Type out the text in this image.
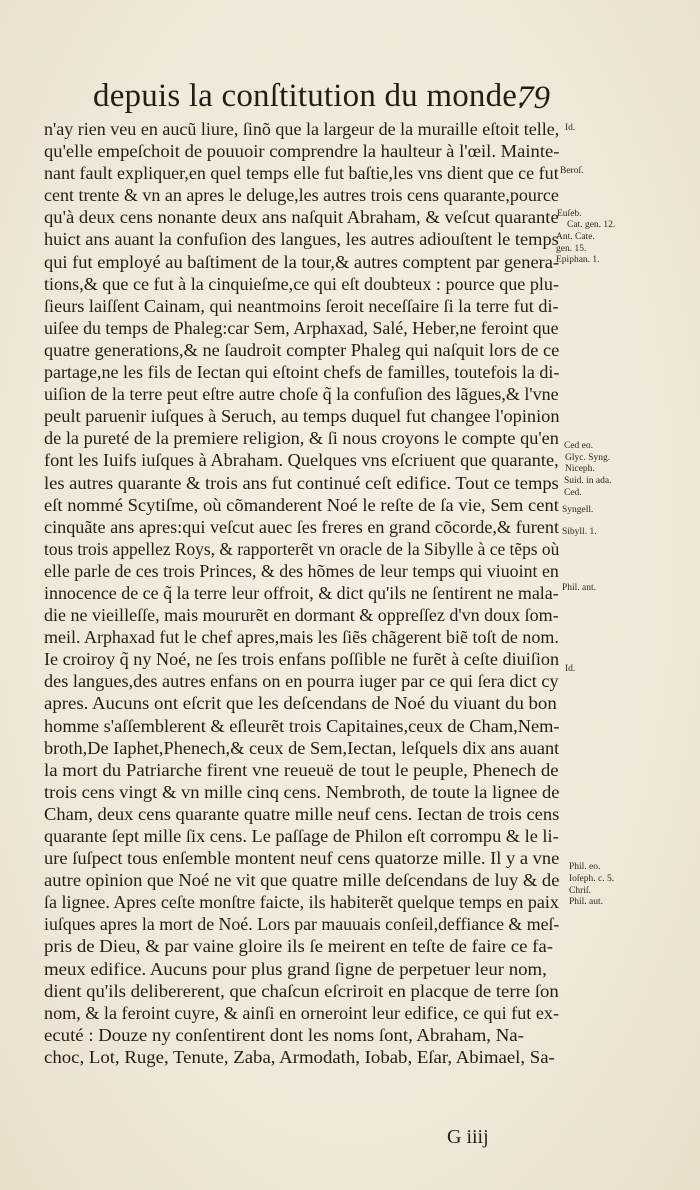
depuis la conſtitution du monde.
79
n'ay rien veu en aucũ liure, ſinõ que la largeur de la muraille eſtoit telle,
qu'elle empeſchoit de pouuoir comprendre la haulteur à l'œil. Mainte-
nant fault expliquer,en quel temps elle fut baſtie,les vns dient que ce fut
cent trente & vn an apres le deluge,les autres trois cens quarante,pource
qu'à deux cens nonante deux ans naſquit Abraham, & veſcut quarante
huict ans auant la confuſion des langues, les autres adiouſtent le temps
qui fut employé au baſtiment de la tour,& autres comptent par genera-
tions,& que ce fut à la cinquieſme,ce qui eſt doubteux : pource que plu-
ſieurs laiſſent Cainam, qui neantmoins ſeroit neceſſaire ſi la terre fut di-
uiſee du temps de Phaleg:car Sem, Arphaxad, Salé, Heber,ne feroint que
quatre generations,& ne ſaudroit compter Phaleg qui naſquit lors de ce
partage,ne les fils de Iectan qui eſtoint chefs de familles, toutefois la di-
uiſion de la terre peut eſtre autre choſe q̃ la confuſion des lãgues,& l'vne
peult paruenir iuſques à Seruch, au temps duquel fut changee l'opinion
de la pureté de la premiere religion, & ſi nous croyons le compte qu'en
font les Iuifs iuſques à Abraham. Quelques vns eſcriuent que quarante,
les autres quarante & trois ans fut continué ceſt edifice. Tout ce temps
eſt nommé Scytiſme, où cõmanderent Noé le reſte de ſa vie, Sem cent
cinquãte ans apres:qui veſcut auec ſes freres en grand cõcorde,& furent
tous trois appellez Roys, & rapporterẽt vn oracle de la Sibylle à ce tẽps où
elle parle de ces trois Princes, & des hõmes de leur temps qui viuoint en
innocence de ce q̃ la terre leur offroit, & dict qu'ils ne ſentirent ne mala-
die ne vieilleſſe, mais moururẽt en dormant & oppreſſez d'vn doux ſom-
meil. Arphaxad fut le chef apres,mais les ſiẽs chãgerent biẽ toſt de nom.
Ie croiroy q̃ ny Noé, ne ſes trois enfans poſſible ne furẽt à ceſte diuiſion
des langues,des autres enfans on en pourra iuger par ce qui ſera dict cy
apres. Aucuns ont eſcrit que les deſcendans de Noé du viuant du bon
homme s'aſſemblerent & eſleurẽt trois Capitaines,ceux de Cham,Nem-
broth,De Iaphet,Phenech,& ceux de Sem,Iectan, leſquels dix ans auant
la mort du Patriarche firent vne reueuë de tout le peuple, Phenech de
trois cens vingt & vn mille cinq cens. Nembroth, de toute la lignee de
Cham, deux cens quarante quatre mille neuf cens. Iectan de trois cens
quarante ſept mille ſix cens. Le paſſage de Philon eſt corrompu & le li-
ure ſuſpect tous enſemble montent neuf cens quatorze mille. Il y a vne
autre opinion que Noé ne vit que quatre mille deſcendans de luy & de
ſa lignee. Apres ceſte monſtre faicte, ils habiterẽt quelque temps en paix
iuſques apres la mort de Noé. Lors par mauuais conſeil,deffiance & meſ-
pris de Dieu, & par vaine gloire ils ſe meirent en teſte de faire ce fa-
meux edifice. Aucuns pour plus grand ſigne de perpetuer leur nom,
dient qu'ils delibererent, que chaſcun eſcriroit en placque de terre ſon
nom, & la feroint cuyre, & ainſi en orneroint leur edifice, ce qui fut ex-
ecuté : Douze ny conſentirent dont les noms ſont, Abraham, Na-
choc, Lot, Ruge, Tenute, Zaba, Armodath, Iobab, Eſar, Abimael, Sa-
Id.
Beroſ.
Euſeb.
Cat. gen. 12.
Ant. Cate.
gen. 15.
Epiphan. 1.
Ced eo.
Glyc. Syng.
Niceph.
Suid. in ada.
Ced.
Syngell.
Sibyll. 1.
Phil. ant.
Id.
Phil. eo.
Ioſeph. c. 5.
Chriſ.
Phil. aut.
G iiij
